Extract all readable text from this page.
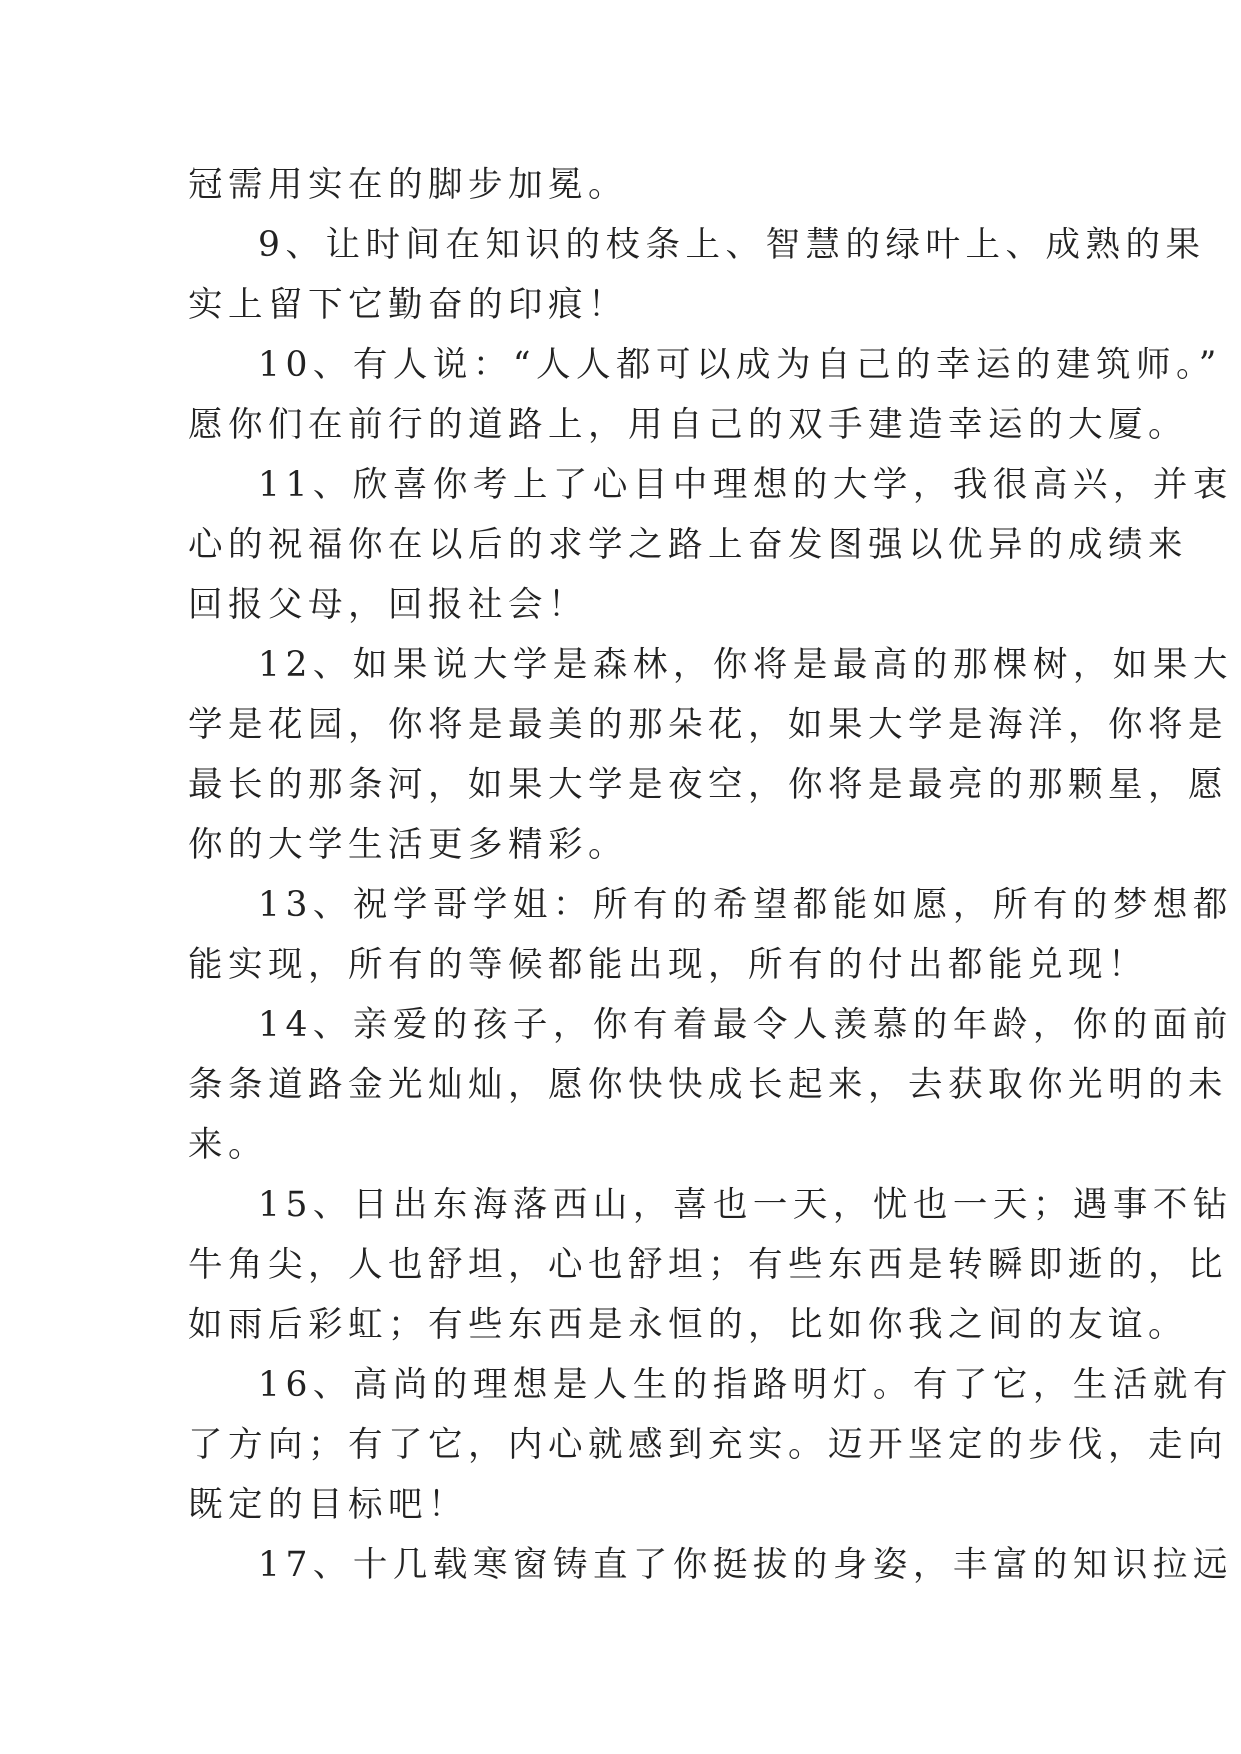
冠需用实在的脚步加冕。
9、让时间在知识的枝条上、智慧的绿叶上、成熟的果
实上留下它勤奋的印痕！
10、有人说：“人人都可以成为自己的幸运的建筑师。”
愿你们在前行的道路上，用自己的双手建造幸运的大厦。
11、欣喜你考上了心目中理想的大学，我很高兴，并衷
心的祝福你在以后的求学之路上奋发图强以优异的成绩来
回报父母，回报社会！
12、如果说大学是森林，你将是最高的那棵树，如果大
学是花园，你将是最美的那朵花，如果大学是海洋，你将是
最长的那条河，如果大学是夜空，你将是最亮的那颗星，愿
你的大学生活更多精彩。
13、祝学哥学姐：所有的希望都能如愿，所有的梦想都
能实现，所有的等候都能出现，所有的付出都能兑现！
14、亲爱的孩子，你有着最令人羡慕的年龄，你的面前
条条道路金光灿灿，愿你快快成长起来，去获取你光明的未
来。
15、日出东海落西山，喜也一天，忧也一天；遇事不钻
牛角尖，人也舒坦，心也舒坦；有些东西是转瞬即逝的，比
如雨后彩虹；有些东西是永恒的，比如你我之间的友谊。
16、高尚的理想是人生的指路明灯。有了它，生活就有
了方向；有了它，内心就感到充实。迈开坚定的步伐，走向
既定的目标吧！
17、十几载寒窗铸直了你挺拔的身姿，丰富的知识拉远
